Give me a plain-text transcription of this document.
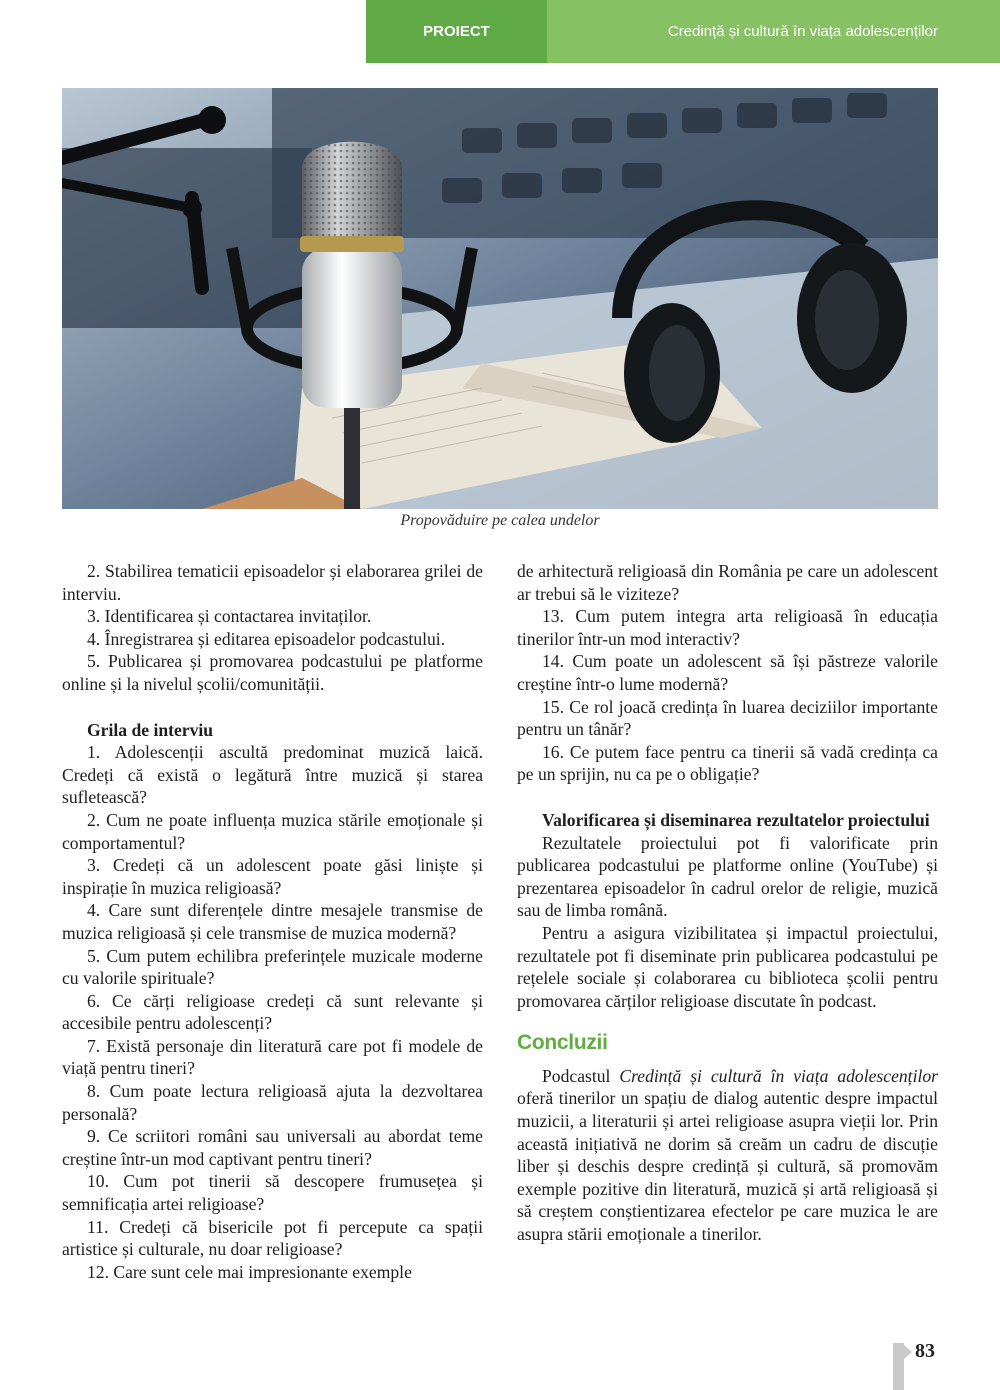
PROIECT	Credință și cultură în viața adolescenților
Propovăduire pe calea undelor

2. Stabilirea tematicii episoadelor și elaborarea grilei de interviu.

3. Identificarea și contactarea invitaților.

4. Înregistrarea și editarea episoadelor podcastului.

5. Publicarea și promovarea podcastului pe platforme online și la nivelul școlii/comunității.

Grila de interviu

1. Adolescenții ascultă predominat muzică laică. Credeți că există o legătură între muzică și starea sufletească?

2. Cum ne poate influența muzica stările emoționale și comportamentul?

3. Credeți că un adolescent poate găsi liniște și inspirație în muzica religioasă?

4. Care sunt diferențele dintre mesajele transmise de muzica religioasă și cele transmise de muzica modernă?

5. Cum putem echilibra preferințele muzicale moderne cu valorile spirituale?

6. Ce cărți religioase credeți că sunt relevante și accesibile pentru adolescenți?

7. Există personaje din literatură care pot fi modele de viață pentru tineri?

8. Cum poate lectura religioasă ajuta la dezvoltarea personală?

9. Ce scriitori români sau universali au abordat teme creștine într-un mod captivant pentru tineri?

10. Cum pot tinerii să descopere frumusețea și semnificația artei religioase?

11. Credeți că bisericile pot fi percepute ca spații artistice și culturale, nu doar religioase?

12. Care sunt cele mai impresionante exemple

de arhitectură religioasă din România pe care un adolescent ar trebui să le viziteze?

13. Cum putem integra arta religioasă în educația tinerilor într-un mod interactiv?

14. Cum poate un adolescent să își păstreze valorile creștine într-o lume modernă?

15. Ce rol joacă credința în luarea deciziilor importante pentru un tânăr?

16. Ce putem face pentru ca tinerii să vadă credința ca pe un sprijin, nu ca pe o obligație?

Valorificarea și diseminarea rezultatelor proiectului

Rezultatele proiectului pot fi valorificate prin publicarea podcastului pe platforme online (YouTube) și prezentarea episoadelor în cadrul orelor de religie, muzică sau de limba română.

Pentru a asigura vizibilitatea și impactul proiectului, rezultatele pot fi diseminate prin publicarea podcastului pe rețelele sociale și colaborarea cu biblioteca școlii pentru promovarea cărților religioase discutate în podcast.

Concluzii

Podcastul Credință și cultură în viața adolescenților oferă tinerilor un spațiu de dialog autentic despre impactul muzicii, a literaturii și artei religioase asupra vieții lor. Prin această inițiativă ne dorim să creăm un cadru de discuție liber și deschis despre credință și cultură, să promovăm exemple pozitive din literatură, muzică și artă religioasă și să creștem conștientizarea efectelor pe care muzica le are asupra stării emoționale a tinerilor.

83
